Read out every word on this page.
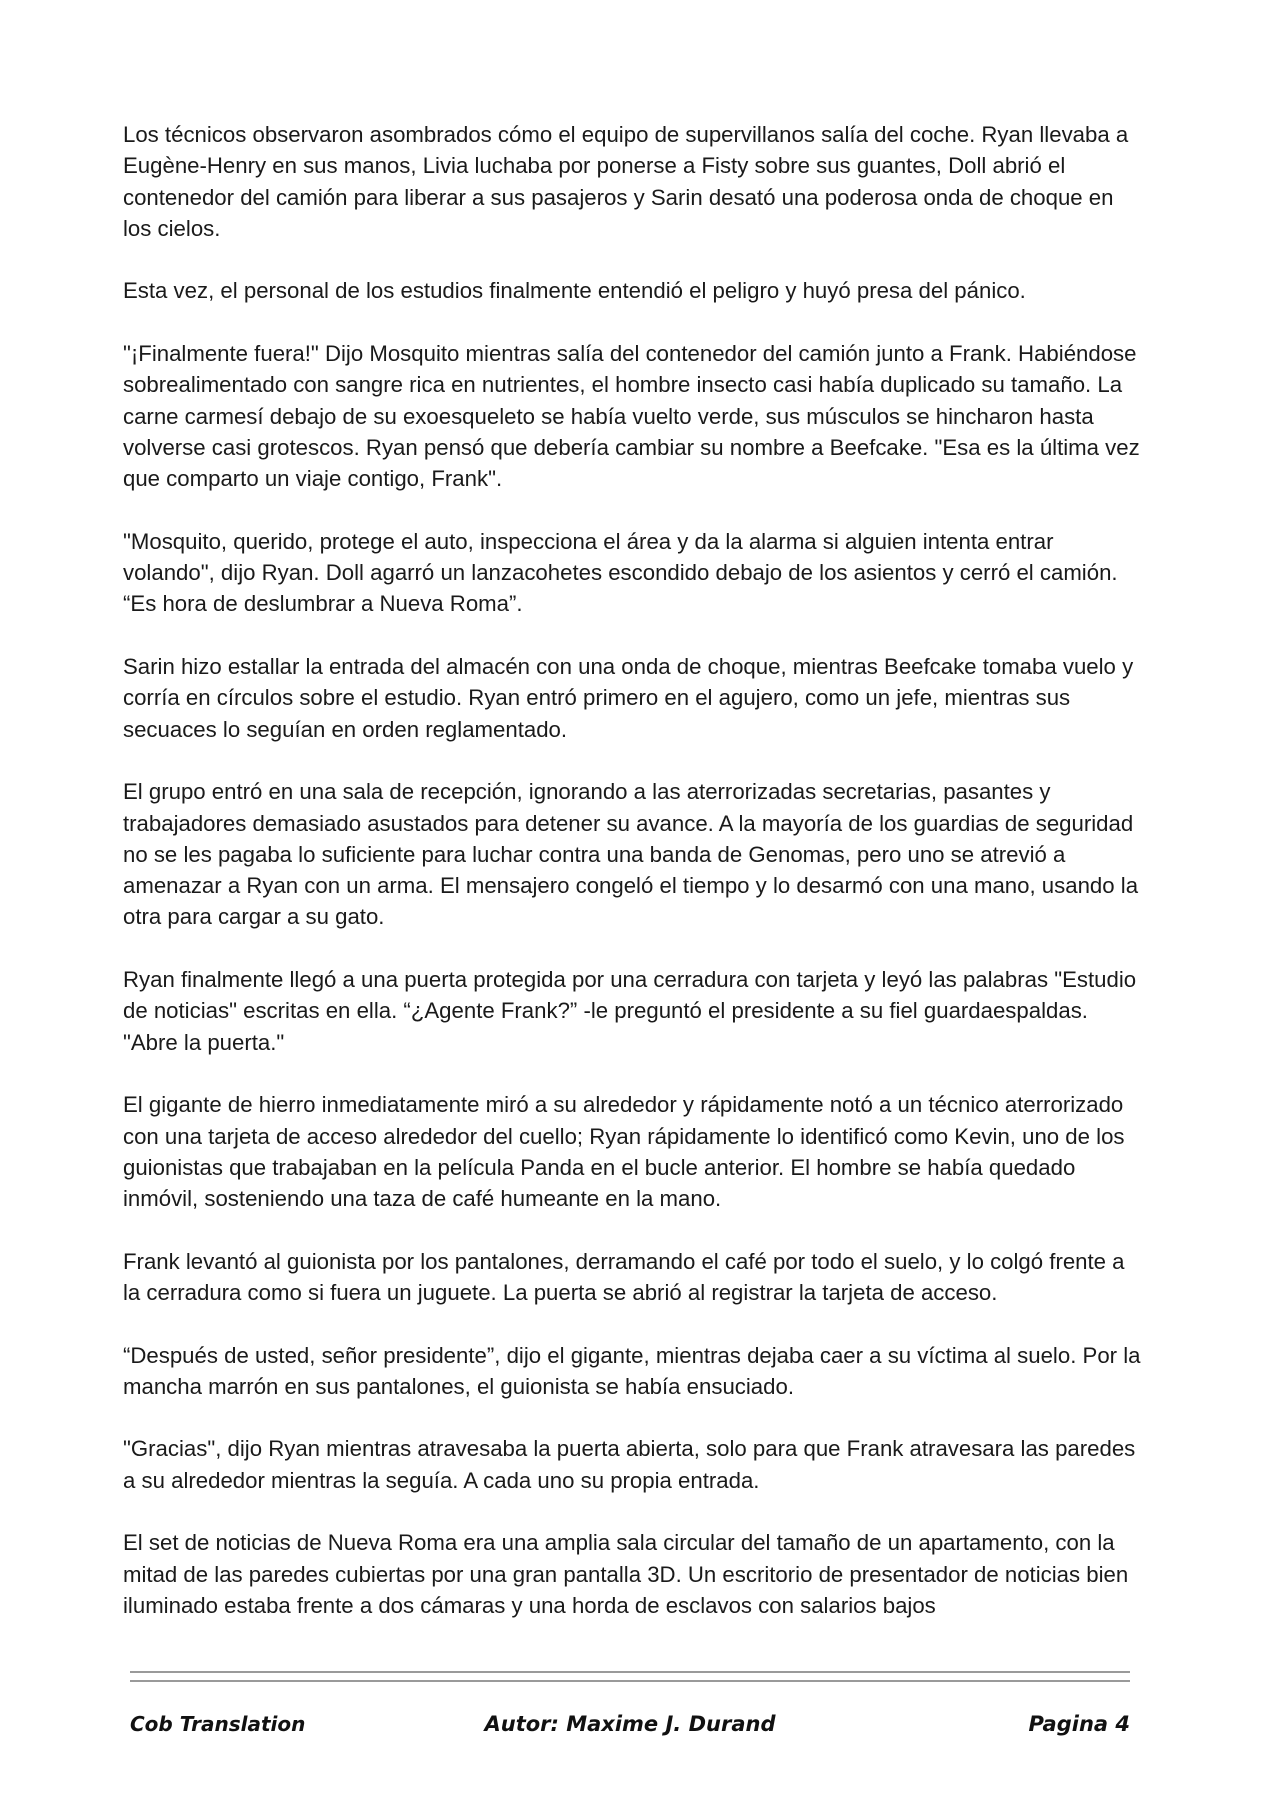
Los técnicos observaron asombrados cómo el equipo de supervillanos salía del coche. Ryan llevaba a Eugène-Henry en sus manos, Livia luchaba por ponerse a Fisty sobre sus guantes, Doll abrió el contenedor del camión para liberar a sus pasajeros y Sarin desató una poderosa onda de choque en los cielos.

Esta vez, el personal de los estudios finalmente entendió el peligro y huyó presa del pánico.

"¡Finalmente fuera!" Dijo Mosquito mientras salía del contenedor del camión junto a Frank. Habiéndose sobrealimentado con sangre rica en nutrientes, el hombre insecto casi había duplicado su tamaño. La carne carmesí debajo de su exoesqueleto se había vuelto verde, sus músculos se hincharon hasta volverse casi grotescos. Ryan pensó que debería cambiar su nombre a Beefcake. "Esa es la última vez que comparto un viaje contigo, Frank".

"Mosquito, querido, protege el auto, inspecciona el área y da la alarma si alguien intenta entrar volando", dijo Ryan. Doll agarró un lanzacohetes escondido debajo de los asientos y cerró el camión. “Es hora de deslumbrar a Nueva Roma”.

Sarin hizo estallar la entrada del almacén con una onda de choque, mientras Beefcake tomaba vuelo y corría en círculos sobre el estudio. Ryan entró primero en el agujero, como un jefe, mientras sus secuaces lo seguían en orden reglamentado.

El grupo entró en una sala de recepción, ignorando a las aterrorizadas secretarias, pasantes y trabajadores demasiado asustados para detener su avance. A la mayoría de los guardias de seguridad no se les pagaba lo suficiente para luchar contra una banda de Genomas, pero uno se atrevió a amenazar a Ryan con un arma. El mensajero congeló el tiempo y lo desarmó con una mano, usando la otra para cargar a su gato.

Ryan finalmente llegó a una puerta protegida por una cerradura con tarjeta y leyó las palabras "Estudio de noticias" escritas en ella. “¿Agente Frank?” -le preguntó el presidente a su fiel guardaespaldas. "Abre la puerta."

El gigante de hierro inmediatamente miró a su alrededor y rápidamente notó a un técnico aterrorizado con una tarjeta de acceso alrededor del cuello; Ryan rápidamente lo identificó como Kevin, uno de los guionistas que trabajaban en la película Panda en el bucle anterior. El hombre se había quedado inmóvil, sosteniendo una taza de café humeante en la mano.

Frank levantó al guionista por los pantalones, derramando el café por todo el suelo, y lo colgó frente a la cerradura como si fuera un juguete. La puerta se abrió al registrar la tarjeta de acceso.

“Después de usted, señor presidente”, dijo el gigante, mientras dejaba caer a su víctima al suelo. Por la mancha marrón en sus pantalones, el guionista se había ensuciado.

"Gracias", dijo Ryan mientras atravesaba la puerta abierta, solo para que Frank atravesara las paredes a su alrededor mientras la seguía. A cada uno su propia entrada.

El set de noticias de Nueva Roma era una amplia sala circular del tamaño de un apartamento, con la mitad de las paredes cubiertas por una gran pantalla 3D. Un escritorio de presentador de noticias bien iluminado estaba frente a dos cámaras y una horda de esclavos con salarios bajos

Cob Translation	Autor: Maxime J. Durand	Pagina 4
